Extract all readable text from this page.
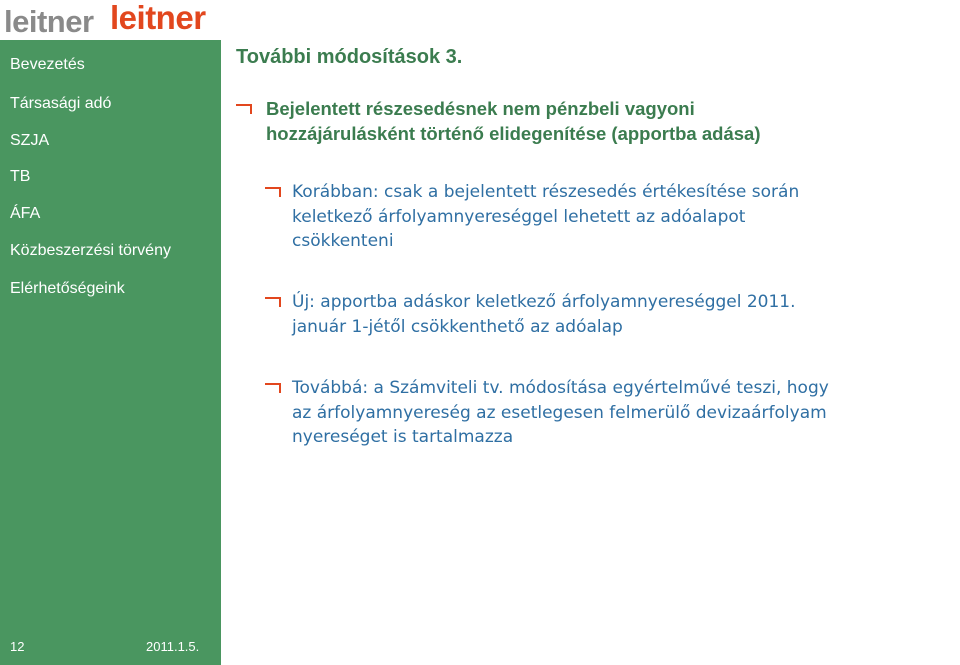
leitner leitner
Bevezetés
Társasági adó
SZJA
TB
ÁFA
Közbeszerzési törvény
Elérhetőségeink
12	2011.1.5.
További módosítások 3.
Bejelentett részesedésnek nem pénzbeli vagyoni
hozzájárulásként történő elidegenítése (apportba adása)
Korábban: csak a bejelentett részesedés értékesítése során
keletkező árfolyamnyereséggel lehetett az adóalapot
csökkenteni
Új: apportba adáskor keletkező árfolyamnyereséggel 2011.
január 1-jétől csökkenthető az adóalap
Továbbá: a Számviteli tv. módosítása egyértelművé teszi, hogy
az árfolyamnyereség az esetlegesen felmerülő devizaárfolyam
nyereséget is tartalmazza
